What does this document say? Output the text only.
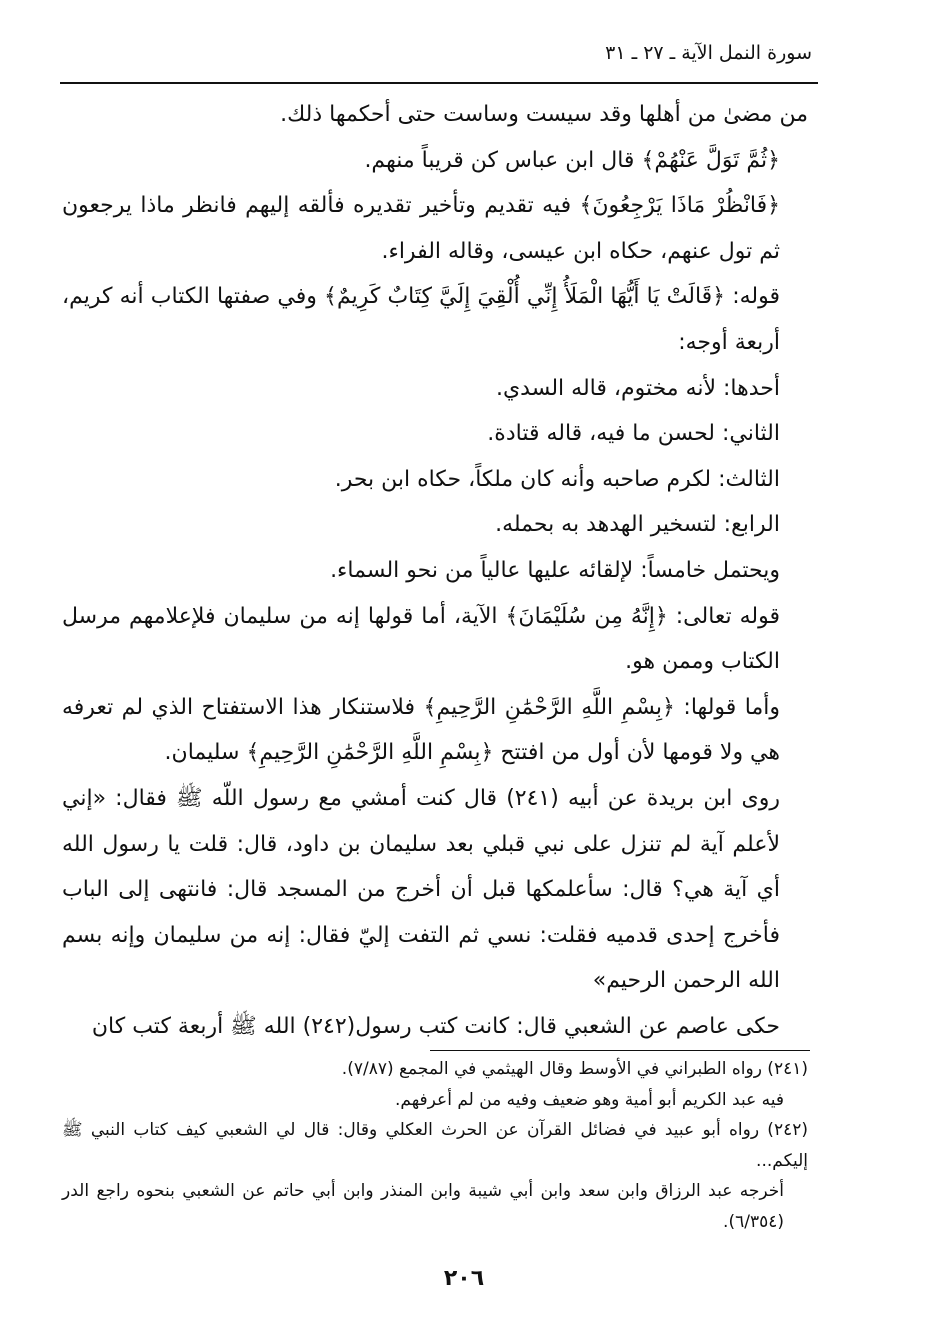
سورة النمل الآية ـ ٢٧ ـ ٣١

من مضىٰ من أهلها وقد سيست وساست حتى أحكمها ذلك.

﴿ثُمَّ تَوَلَّ عَنْهُمْ﴾ قال ابن عباس كن قريباً منهم.

﴿فَانْظُرْ مَاذَا يَرْجِعُونَ﴾ فيه تقديم وتأخير تقديره فألقه إليهم فانظر ماذا يرجعون ثم تول عنهم، حكاه ابن عيسى، وقاله الفراء.

قوله: ﴿قَالَتْ يَا أَيُّهَا الْمَلَأُ إِنِّي أُلْقِيَ إِلَيَّ كِتَابٌ كَرِيمٌ﴾ وفي صفتها الكتاب أنه كريم، أربعة أوجه:

أحدها: لأنه مختوم، قاله السدي.

الثاني: لحسن ما فيه، قاله قتادة.

الثالث: لكرم صاحبه وأنه كان ملكاً، حكاه ابن بحر.

الرابع: لتسخير الهدهد به بحمله.

ويحتمل خامساً: لإلقائه عليها عالياً من نحو السماء.

قوله تعالى: ﴿إِنَّهُ مِن سُلَيْمَانَ﴾ الآية، أما قولها إنه من سليمان فلإعلامهم مرسل الكتاب وممن هو.

وأما قولها: ﴿بِسْمِ اللَّهِ الرَّحْمَٰنِ الرَّحِيمِ﴾ فلاستنكار هذا الاستفتاح الذي لم تعرفه هي ولا قومها لأن أول من افتتح ﴿بِسْمِ اللَّهِ الرَّحْمَٰنِ الرَّحِيمِ﴾ سليمان.

روى ابن بريدة عن أبيه (٢٤١) قال كنت أمشي مع رسول اللّه ﷺ فقال: «إني لأعلم آية لم تنزل على نبي قبلي بعد سليمان بن داود، قال: قلت يا رسول الله أي آية هي؟ قال: سأعلمكها قبل أن أخرج من المسجد قال: فانتهى إلى الباب فأخرج إحدى قدميه فقلت: نسي ثم التفت إليّ فقال: إنه من سليمان وإنه بسم الله الرحمن الرحيم»

حكى عاصم عن الشعبي قال: كانت كتب رسول(٢٤٢) الله ﷺ أربعة كتب كان

(٢٤١) رواه الطبراني في الأوسط وقال الهيثمي في المجمع (٧/٨٧).

فيه عبد الكريم أبو أمية وهو ضعيف وفيه من لم أعرفهم.

(٢٤٢) رواه أبو عبيد في فضائل القرآن عن الحرث العكلي وقال: قال لي الشعبي كيف كتاب النبي ﷺ إليكم...

أخرجه عبد الرزاق وابن سعد وابن أبي شيبة وابن المنذر وابن أبي حاتم عن الشعبي بنحوه راجع الدر (٦/٣٥٤).

٢٠٦
